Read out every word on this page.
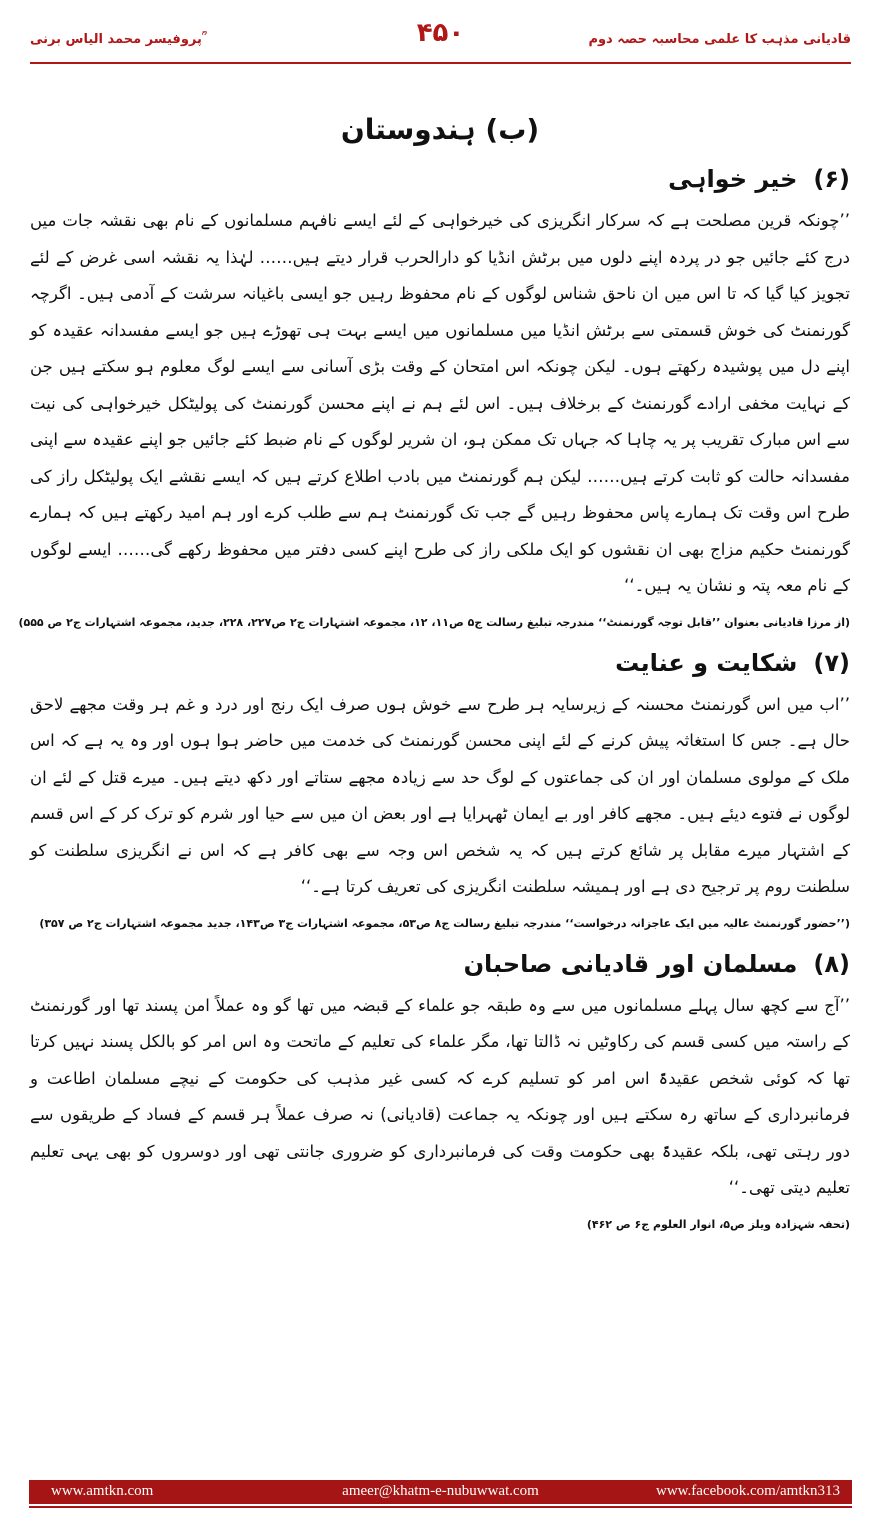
پروفیسر محمد الیاس برنی ؒ	۴۵۰	قادیانی مذہب کا علمی محاسبہ حصہ دوم
(ب) ہندوستان
(۶)خیر خواہی

’’چونکہ قرین مصلحت ہے کہ سرکار انگریزی کی خیرخواہی کے لئے ایسے نافہم مسلمانوں کے نام بھی نقشہ جات میں درج کئے جائیں جو در پردہ اپنے دلوں میں برٹش انڈیا کو دارالحرب قرار دیتے ہیں…… لہٰذا یہ نقشہ اسی غرض کے لئے تجویز کیا گیا کہ تا اس میں ان ناحق شناس لوگوں کے نام محفوظ رہیں جو ایسی باغیانہ سرشت کے آدمی ہیں۔ اگرچہ گورنمنٹ کی خوش قسمتی سے برٹش انڈیا میں مسلمانوں میں ایسے بہت ہی تھوڑے ہیں جو ایسے مفسدانہ عقیدہ کو اپنے دل میں پوشیدہ رکھتے ہوں۔ لیکن چونکہ اس امتحان کے وقت بڑی آسانی سے ایسے لوگ معلوم ہو سکتے ہیں جن کے نہایت مخفی ارادے گورنمنٹ کے برخلاف ہیں۔ اس لئے ہم نے اپنے محسن گورنمنٹ کی پولیٹکل خیرخواہی کی نیت سے اس مبارک تقریب پر یہ چاہا کہ جہاں تک ممکن ہو، ان شریر لوگوں کے نام ضبط کئے جائیں جو اپنے عقیدہ سے اپنی مفسدانہ حالت کو ثابت کرتے ہیں…… لیکن ہم گورنمنٹ میں بادب اطلاع کرتے ہیں کہ ایسے نقشے ایک پولیٹکل راز کی طرح اس وقت تک ہمارے پاس محفوظ رہیں گے جب تک گورنمنٹ ہم سے طلب کرے اور ہم امید رکھتے ہیں کہ ہمارے گورنمنٹ حکیم مزاج بھی ان نقشوں کو ایک ملکی راز کی طرح اپنے کسی دفتر میں محفوظ رکھے گی…… ایسے لوگوں کے نام معہ پتہ و نشان یہ ہیں۔‘‘

(از مرزا قادیانی بعنوان ’’قابل توجہ گورنمنٹ‘‘ مندرجہ تبلیغ رسالت ج۵ ص۱۱، ۱۲، مجموعہ اشتہارات ج۲ ص۲۲۷، ۲۲۸، جدید، مجموعہ اشتہارات ج۲ ص ۵۵۵)

(۷)شکایت و عنایت

’’اب میں اس گورنمنٹ محسنہ کے زیرسایہ ہر طرح سے خوش ہوں صرف ایک رنج اور درد و غم ہر وقت مجھے لاحق حال ہے۔ جس کا استغاثہ پیش کرنے کے لئے اپنی محسن گورنمنٹ کی خدمت میں حاضر ہوا ہوں اور وہ یہ ہے کہ اس ملک کے مولوی مسلمان اور ان کی جماعتوں کے لوگ حد سے زیادہ مجھے ستاتے اور دکھ دیتے ہیں۔ میرے قتل کے لئے ان لوگوں نے فتوے دیئے ہیں۔ مجھے کافر اور بے ایمان ٹھہرایا ہے اور بعض ان میں سے حیا اور شرم کو ترک کر کے اس قسم کے اشتہار میرے مقابل پر شائع کرتے ہیں کہ یہ شخص اس وجہ سے بھی کافر ہے کہ اس نے انگریزی سلطنت کو سلطنت روم پر ترجیح دی ہے اور ہمیشہ سلطنت انگریزی کی تعریف کرتا ہے۔‘‘

(’’حضور گورنمنٹ عالیہ میں ایک عاجزانہ درخواست‘‘ مندرجہ تبلیغ رسالت ج۸ ص۵۳، مجموعہ اشتہارات ج۳ ص۱۴۳، جدید مجموعہ اشتہارات ج۲ ص ۳۵۷)

(۸)مسلمان اور قادیانی صاحبان

’’آج سے کچھ سال پہلے مسلمانوں میں سے وہ طبقہ جو علماء کے قبضہ میں تھا گو وہ عملاً امن پسند تھا اور گورنمنٹ کے راستہ میں کسی قسم کی رکاوٹیں نہ ڈالتا تھا، مگر علماء کی تعلیم کے ماتحت وہ اس امر کو بالکل پسند نہیں کرتا تھا کہ کوئی شخص عقیدۃً اس امر کو تسلیم کرے کہ کسی غیر مذہب کی حکومت کے نیچے مسلمان اطاعت و فرمانبرداری کے ساتھ رہ سکتے ہیں اور چونکہ یہ جماعت (قادیانی) نہ صرف عملاً ہر قسم کے فساد کے طریقوں سے دور رہتی تھی، بلکہ عقیدۃً بھی حکومت وقت کی فرمانبرداری کو ضروری جانتی تھی اور دوسروں کو بھی یہی تعلیم تعلیم دیتی تھی۔‘‘

(تحفہ شہزادہ ویلز ص۵، انوار العلوم ج۶ ص ۴۶۲)

ameer@khatm-e-nubuwwat.com
www.amtkn.com	www.facebook.com/amtkn313
